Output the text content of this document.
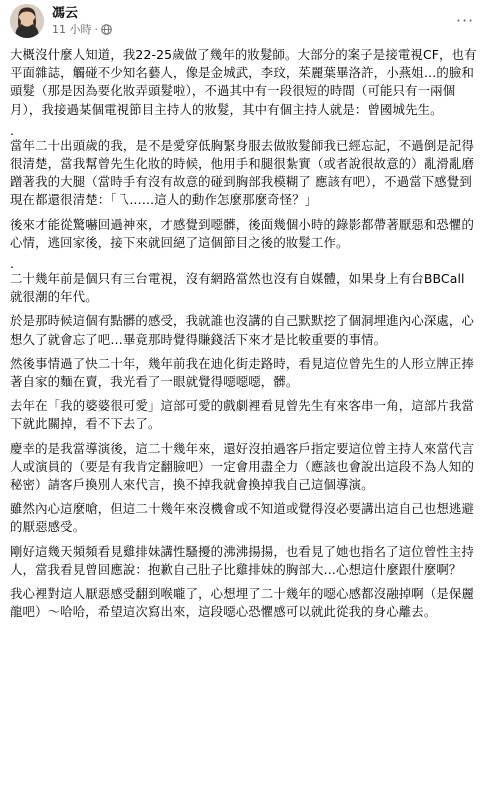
馮云
11 小時 ·	···

大概沒什麼人知道，我22-25歲做了幾年的妝髮師。大部分的案子是接電視CF，也有平面雜誌，觸碰不少知名藝人，像是金城武，李玟，茱麗葉畢洛許，小燕姐…的臉和頭髮（那是因為要化妝弄頭髮啦），不過其中有一段很短的時間（可能只有一兩個月），我接過某個電視節目主持人的妝髮，其中有個主持人就是：曾國城先生。

.

當年二十出頭歲的我，是不是愛穿低胸緊身服去做妝髮師我已經忘記，不過倒是記得很清楚，當我幫曾先生化妝的時候，他用手和腿很紮實（或者說很故意的）亂滑亂磨蹭著我的大腿（當時手有沒有故意的碰到胸部我模糊了 應該有吧），不過當下感覺到現在都還很清楚：「乁……這人的動作怎麼那麼奇怪？」

後來才能從驚嚇回過神來，才感覺到噁髒，後面幾個小時的錄影都帶著厭惡和恐懼的心情，逃回家後，接下來就回絕了這個節目之後的妝髮工作。

.

二十幾年前是個只有三台電視，沒有網路當然也沒有自媒體，如果身上有台BBCall就很潮的年代。

於是那時候這個有點髒的感受，我就誰也沒講的自己默默挖了個洞埋進內心深處，心想久了就會忘了吧…畢竟那時覺得賺錢活下來才是比較重要的事情。

然後事情過了快二十年，幾年前我在迪化街走路時，看見這位曾先生的人形立牌正捧著自家的麵在賣，我光看了一眼就覺得噁噁噁，髒。

去年在「我的婆婆很可愛」這部可愛的戲劇裡看見曾先生有來客串一角，這部片我當下就此關掉，看不下去了。

慶幸的是我當導演後，這二十幾年來，還好沒拍過客戶指定要這位曾主持人來當代言人或演員的（要是有我肯定翻臉吧）一定會用盡全力（應該也會說出這段不為人知的秘密）請客戶換別人來代言，換不掉我就會換掉我自己這個導演。

雖然內心這麼嗆，但這二十幾年來沒機會或不知道或覺得沒必要講出這自己也想逃避的厭惡感受。

剛好這幾天頻頻看見雞排妹講性騷擾的沸沸揚揚，也看見了她也指名了這位曾性主持人，當我看見曾回應說：抱歉自己肚子比雞排妹的胸部大…心想這什麼跟什麼啊？

我心裡對這人厭惡感受翻到喉嚨了，心想埋了二十幾年的噁心感都沒融掉啊（是保麗龍吧）～哈哈，希望這次寫出來，這段噁心恐懼感可以就此從我的身心離去。
